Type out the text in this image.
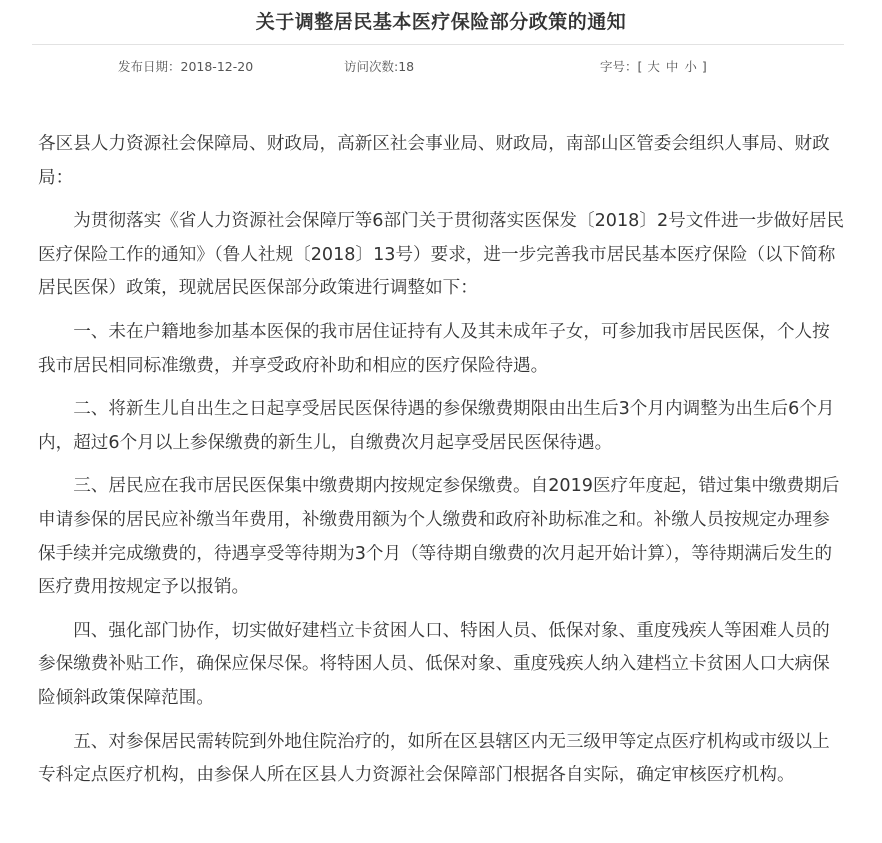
关于调整居民基本医疗保险部分政策的通知
发布日期：2018-12-20	访问次数:18	字号：[ 大 中 小 ]

各区县人力资源社会保障局、财政局，高新区社会事业局、财政局，南部山区管委会组织人事局、财政局：

为贯彻落实《省人力资源社会保障厅等6部门关于贯彻落实医保发〔2018〕2号文件进一步做好居民医疗保险工作的通知》（鲁人社规〔2018〕13号）要求，进一步完善我市居民基本医疗保险（以下简称居民医保）政策，现就居民医保部分政策进行调整如下：

一、未在户籍地参加基本医保的我市居住证持有人及其未成年子女，可参加我市居民医保，个人按我市居民相同标准缴费，并享受政府补助和相应的医疗保险待遇。

二、将新生儿自出生之日起享受居民医保待遇的参保缴费期限由出生后3个月内调整为出生后6个月内，超过6个月以上参保缴费的新生儿，自缴费次月起享受居民医保待遇。

三、居民应在我市居民医保集中缴费期内按规定参保缴费。自2019医疗年度起，错过集中缴费期后申请参保的居民应补缴当年费用，补缴费用额为个人缴费和政府补助标准之和。补缴人员按规定办理参保手续并完成缴费的，待遇享受等待期为3个月（等待期自缴费的次月起开始计算），等待期满后发生的医疗费用按规定予以报销。

四、强化部门协作，切实做好建档立卡贫困人口、特困人员、低保对象、重度残疾人等困难人员的参保缴费补贴工作，确保应保尽保。将特困人员、低保对象、重度残疾人纳入建档立卡贫困人口大病保险倾斜政策保障范围。

五、对参保居民需转院到外地住院治疗的，如所在区县辖区内无三级甲等定点医疗机构或市级以上专科定点医疗机构，由参保人所在区县人力资源社会保障部门根据各自实际，确定审核医疗机构。
